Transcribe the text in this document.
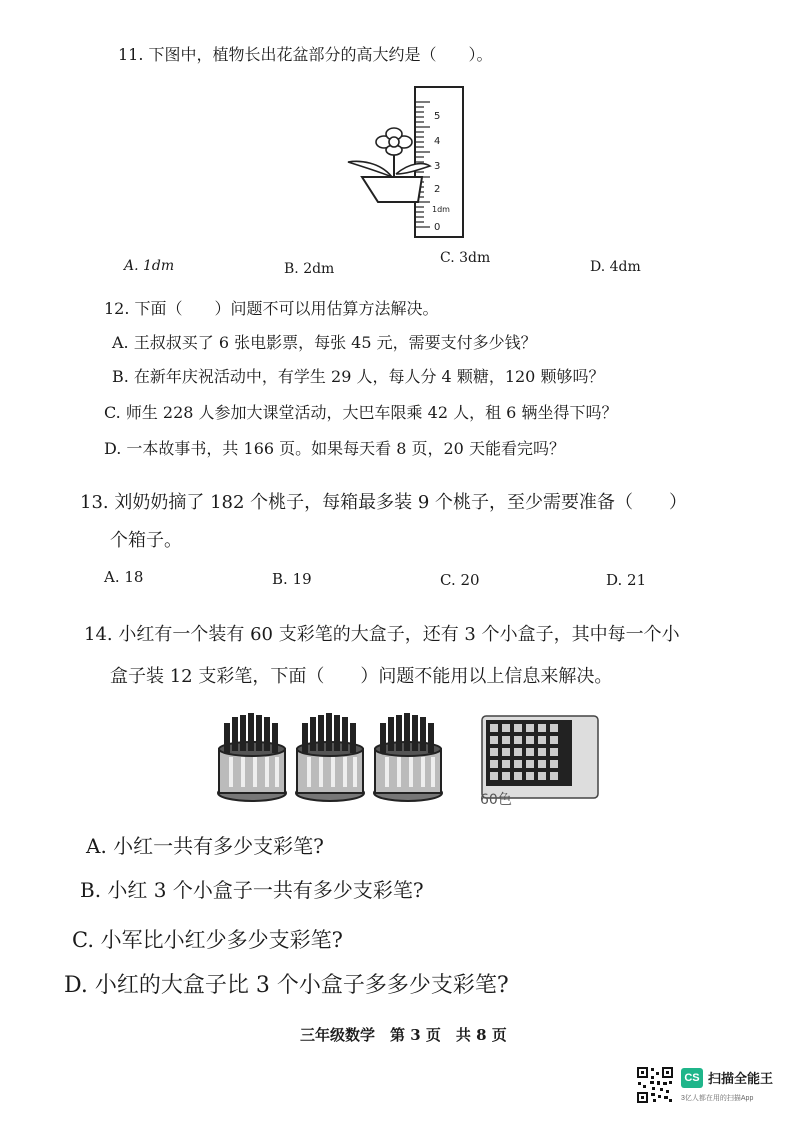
11. 下图中，植物长出花盆部分的高大约是（　　）。
5
4
3
2
1dm
0
A. 1dm	B. 2dm
C. 3dm
D. 4dm
12. 下面（　　）问题不可以用估算方法解决。
A. 王叔叔买了 6 张电影票，每张 45 元，需要支付多少钱？
B. 在新年庆祝活动中，有学生 29 人，每人分 4 颗糖，120 颗够吗？
C. 师生 228 人参加大课堂活动，大巴车限乘 42 人，租 6 辆坐得下吗？
D. 一本故事书，共 166 页。如果每天看 8 页，20 天能看完吗？
13. 刘奶奶摘了 182 个桃子，每箱最多装 9 个桃子，至少需要准备（　　）
个箱子。
A. 18	B. 19	C. 20	D. 21
14. 小红有一个装有 60 支彩笔的大盒子，还有 3 个小盒子，其中每一个小
盒子装 12 支彩笔，下面（　　）问题不能用以上信息来解决。
60色
A. 小红一共有多少支彩笔?
B. 小红 3 个小盒子一共有多少支彩笔?
C. 小军比小红少多少支彩笔?
D. 小红的大盒子比 3 个小盒子多多少支彩笔?
三年级数学　第 3 页　共 8 页
CS 扫描全能王
3亿人都在用的扫描App
